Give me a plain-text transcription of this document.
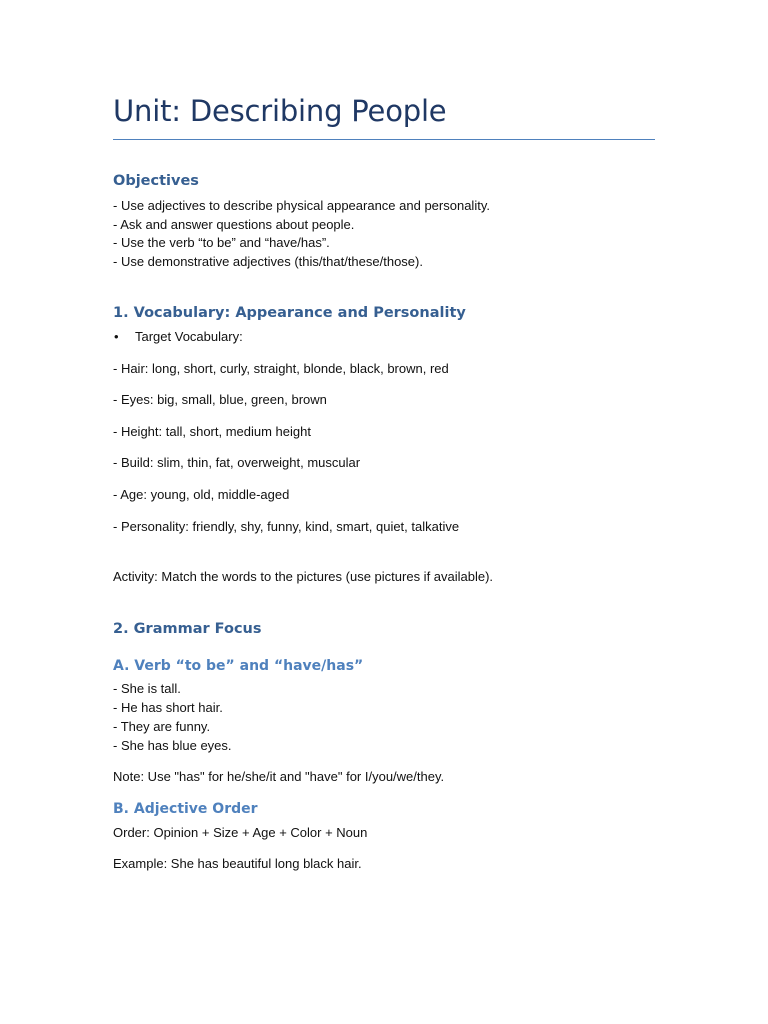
Unit: Describing People
Objectives

- Use adjectives to describe physical appearance and personality.

- Ask and answer questions about people.

- Use the verb “to be” and “have/has”.

- Use demonstrative adjectives (this/that/these/those).

1. Vocabulary: Appearance and Personality
• Target Vocabulary:

- Hair: long, short, curly, straight, blonde, black, brown, red

- Eyes: big, small, blue, green, brown

- Height: tall, short, medium height

- Build: slim, thin, fat, overweight, muscular

- Age: young, old, middle-aged

- Personality: friendly, shy, funny, kind, smart, quiet, talkative

Activity: Match the words to the pictures (use pictures if available).

2. Grammar Focus
A. Verb “to be” and “have/has”

- She is tall.

- He has short hair.

- They are funny.

- She has blue eyes.

Note: Use "has" for he/she/it and "have" for I/you/we/they.

B. Adjective Order

Order: Opinion + Size + Age + Color + Noun

Example: She has beautiful long black hair.
